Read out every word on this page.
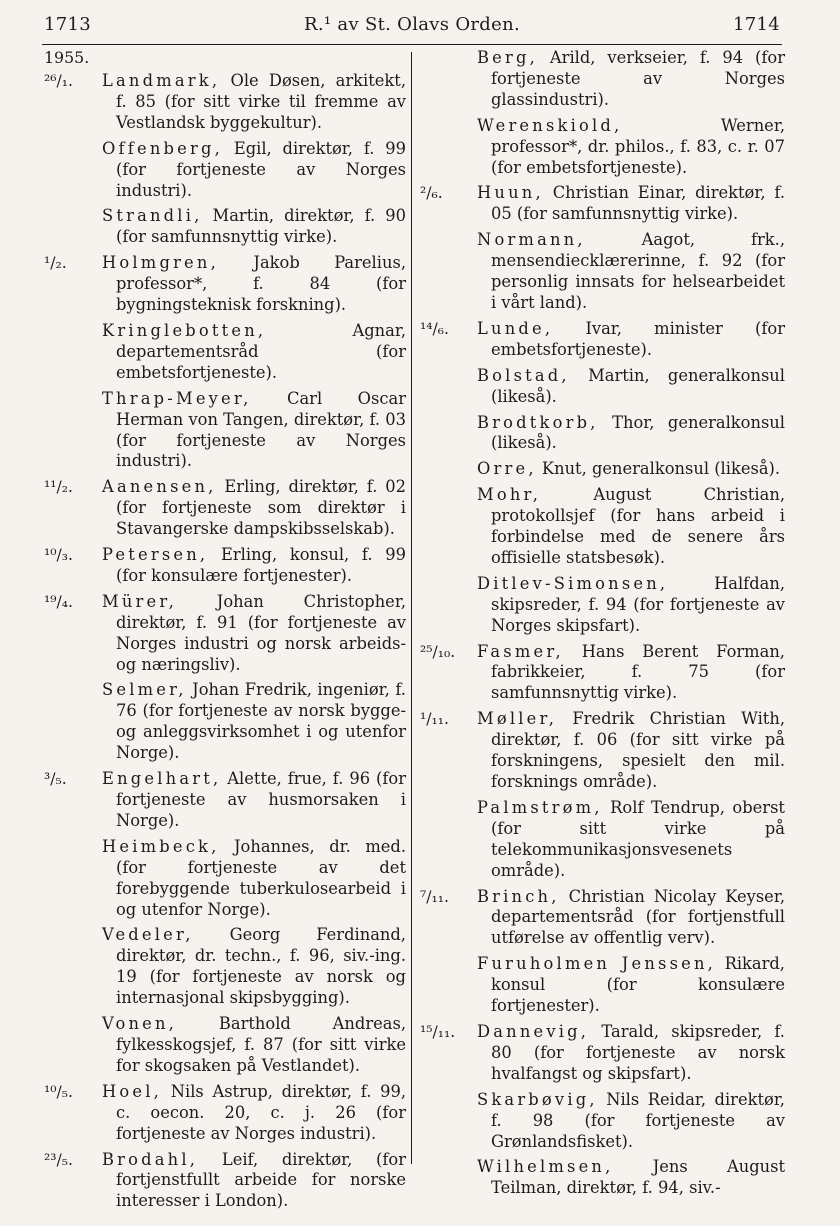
1713	R.¹ av St. Olavs Orden.	1714
1955.
²⁶/₁. Landmark, Ole Døsen, arkitekt, f. 85 (for sitt virke til fremme av Vestlandsk byggekultur).
Offenberg, Egil, direktør, f. 99 (for fortjeneste av Norges industri).
Strandli, Martin, direktør, f. 90 (for samfunnsnyttig virke).
¹/₂. Holmgren, Jakob Parelius, professor*, f. 84 (for bygningsteknisk forskning).
Kringlebotten,	Agnar, departementsråd (for embetsfortjeneste).
Thrap-Meyer, Carl Oscar Herman von Tangen, direktør, f. 03 (for fortjeneste av Norges industri).
¹¹/₂. Aanensen, Erling, direktør, f. 02 (for fortjeneste som direktør i Stavangerske dampskibsselskab).
¹⁰/₃. Petersen, Erling, konsul, f. 99 (for konsulære fortjenester).
¹⁹/₄. Mürer, Johan Christopher, direktør, f. 91 (for fortjeneste av Norges industri og norsk arbeids- og næringsliv).
Selmer, Johan Fredrik, ingeniør, f. 76 (for fortjeneste av norsk bygge- og anleggsvirksomhet i og utenfor Norge).
³/₅. Engelhart, Alette, frue, f. 96 (for fortjeneste av husmorsaken i Norge).
Heimbeck, Johannes, dr. med. (for fortjeneste av det forebyggende tuberkulosearbeid i og utenfor Norge).
Vedeler, Georg Ferdinand, direktør, dr. techn., f. 96, siv.-ing. 19 (for fortjeneste av norsk og internasjonal skipsbygging).
Vonen,	Barthold Andreas, fylkesskogsjef, f. 87 (for sitt virke for skogsaken på Vestlandet).
¹⁰/₅. Hoel, Nils Astrup, direktør, f. 99, c. oecon. 20, c. j. 26 (for fortjeneste av Norges industri).
²³/₅. Brodahl, Leif, direktør, (for fortjenstfullt arbeide for norske interesser i London).
Berg, Arild, verkseier, f. 94 (for fortjeneste av Norges glassindustri).
Werenskiold,	Werner, professor*, dr. philos., f. 83, c. r. 07 (for embetsfortjeneste).
²/₆. Huun, Christian Einar, direktør, f. 05 (for samfunnsnyttig virke).
Normann,	Aagot, frk., mensendiecklærerinne, f. 92 (for personlig innsats for helsearbeidet i vårt land).
¹⁴/₆. Lunde, Ivar, minister (for embetsfortjeneste).
Bolstad, Martin, generalkonsul (likeså).
Brodtkorb, Thor, generalkonsul (likeså).
Orre, Knut, generalkonsul (likeså).
Mohr,	August Christian, protokollsjef (for hans arbeid i forbindelse med de senere års offisielle statsbesøk).
Ditlev-Simonsen,	Halfdan, skipsreder, f. 94 (for fortjeneste av Norges skipsfart).
²⁵/₁₀. Fasmer, Hans Berent Forman, fabrikkeier, f. 75 (for samfunnsnyttig virke).
¹/₁₁. Møller, Fredrik Christian With, direktør, f. 06 (for sitt virke på forskningens, spesielt den mil. forsknings område).
Palmstrøm, Rolf Tendrup, oberst (for sitt virke på telekommunikasjonsvesenets område).
⁷/₁₁. Brinch, Christian Nicolay Keyser, departementsråd (for fortjenstfull utførelse av offentlig verv).
Furuholmen Jenssen, Rikard, konsul (for konsulære fortjenester).
¹⁵/₁₁. Dannevig, Tarald, skipsreder, f. 80 (for fortjeneste av norsk hvalfangst og skipsfart).
Skarbøvig, Nils Reidar, direktør, f. 98 (for fortjeneste av Grønlandsfisket).
Wilhelmsen, Jens August Teilman, direktør, f. 94, siv.-
